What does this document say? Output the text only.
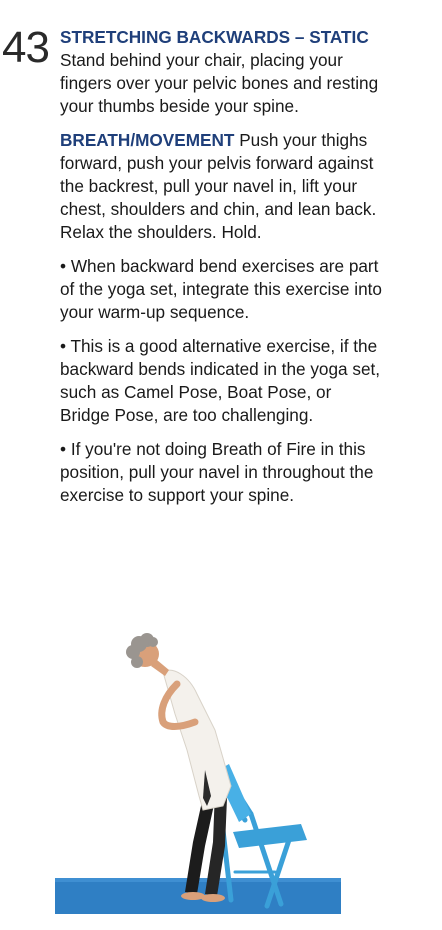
43 STRETCHING BACKWARDS – STATIC Stand behind your chair, placing your fingers over your pelvic bones and resting your thumbs beside your spine.

BREATH/MOVEMENT Push your thighs forward, push your pelvis forward against the backrest, pull your navel in, lift your chest, shoulders and chin, and lean back. Relax the shoulders. Hold.

• When backward bend exercises are part of the yoga set, integrate this exercise into your warm-up sequence.

• This is a good alternative exercise, if the backward bends indicated in the yoga set, such as Camel Pose, Boat Pose, or Bridge Pose, are too challenging.

• If you're not doing Breath of Fire in this position, pull your navel in throughout the exercise to support your spine.
